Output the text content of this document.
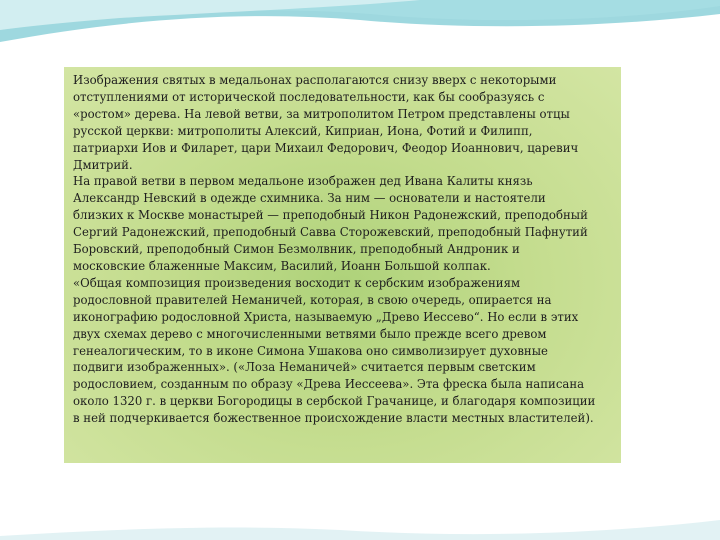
Изображения святых в медальонах располагаются снизу вверх с некоторыми
отступлениями от исторической последовательности, как бы сообразуясь с
«ростом» дерева. На левой ветви, за митрополитом Петром представлены отцы
русской церкви: митрополиты Алексий, Киприан, Иона, Фотий и Филипп,
патриархи Иов и Филарет, цари Михаил Федорович, Феодор Иоаннович, царевич
Дмитрий.
На правой ветви в первом медальоне изображен дед Ивана Калиты князь
Александр Невский в одежде схимника. За ним — основатели и настоятели
близких к Москве монастырей — преподобный Никон Радонежский, преподобный
Сергий Радонежский, преподобный Савва Сторожевский, преподобный Пафнутий
Боровский, преподобный Симон Безмолвник, преподобный Андроник и
московские блаженные Максим, Василий, Иоанн Большой колпак.
«Общая композиция произведения восходит к сербским изображениям
родословной правителей Неманичей, которая, в свою очередь, опирается на
иконографию родословной Христа, называемую „Древо Иессево“. Но если в этих
двух схемах дерево с многочисленными ветвями было прежде всего древом
генеалогическим, то в иконе Симона Ушакова оно символизирует духовные
подвиги изображенных». («Лоза Неманичей» считается первым светским
родословием, созданным по образу «Древа Иессеева». Эта фреска была написана
около 1320 г. в церкви Богородицы в сербской Грачанице, и благодаря композиции
в ней подчеркивается божественное происхождение власти местных властителей).
